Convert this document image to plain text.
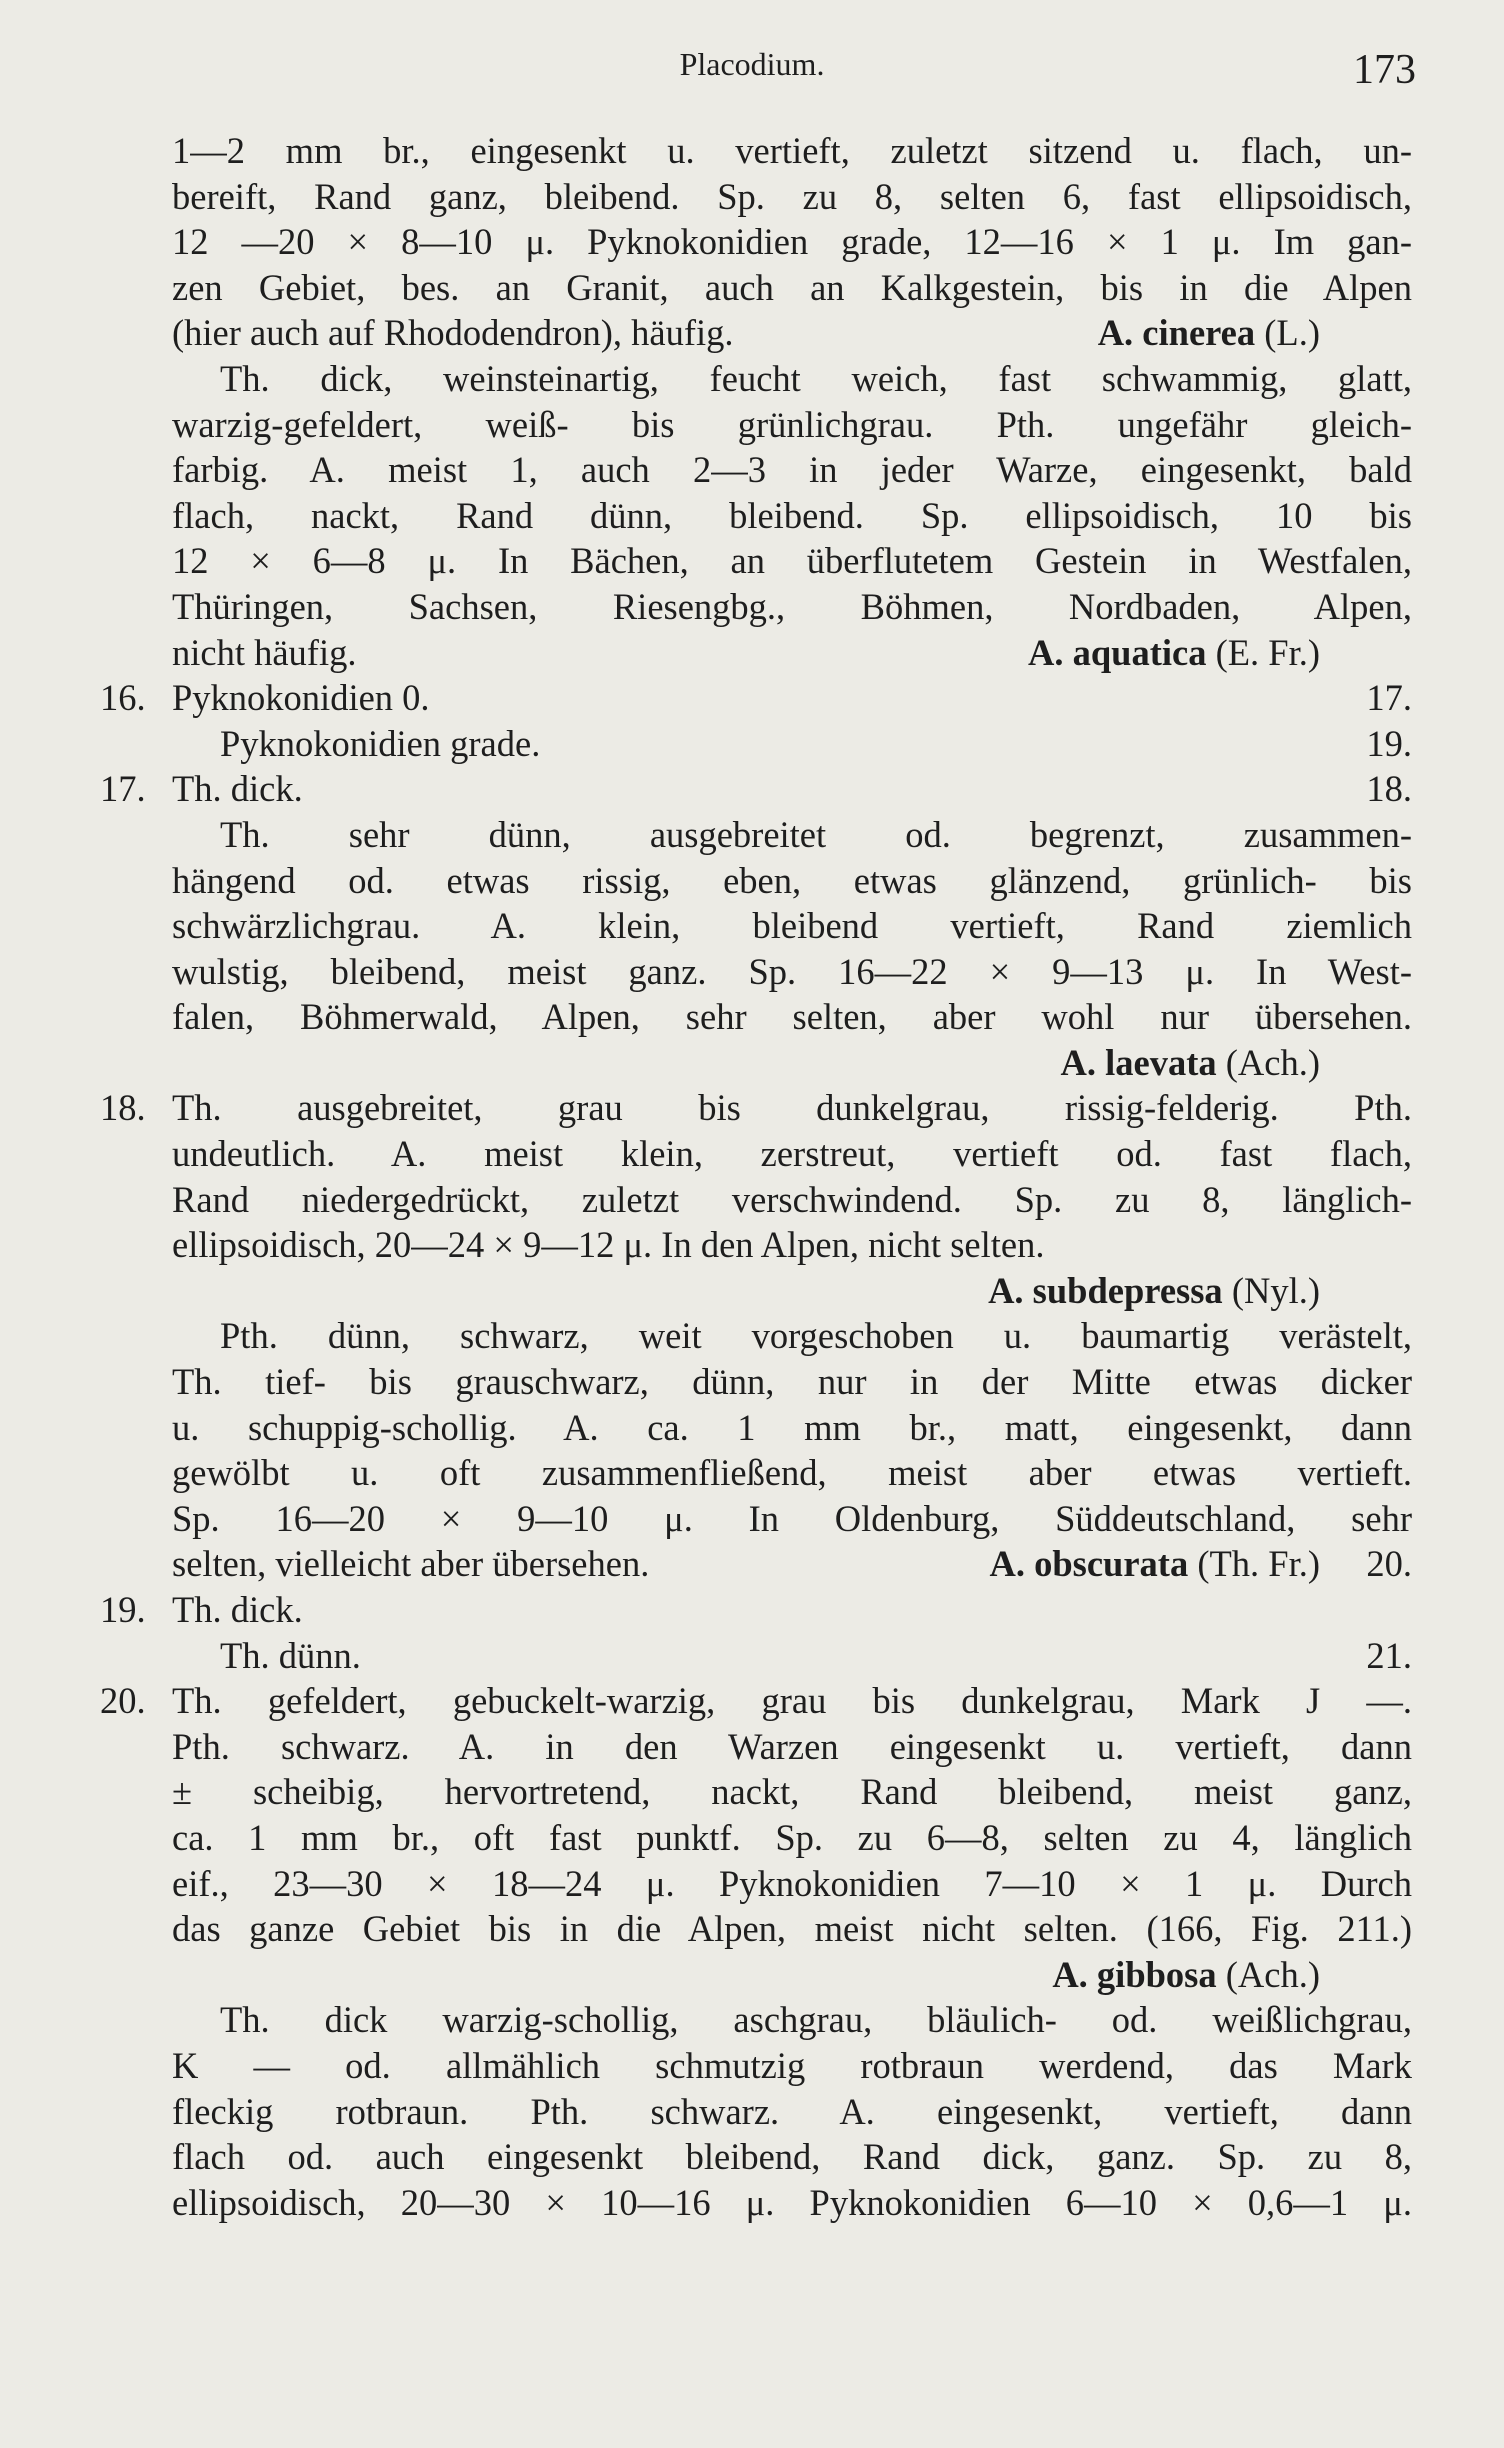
Placodium.	173
1—2 mm br., eingesenkt u. vertieft, zuletzt sitzend u. flach, un-
bereift, Rand ganz, bleibend. Sp. zu 8, selten 6, fast ellipsoidisch,
12 —20 × 8—10 μ. Pyknokonidien grade, 12—16 × 1 μ. Im gan-
zen Gebiet, bes. an Granit, auch an Kalkgestein, bis in die Alpen
(hier auch auf Rhododendron), häufig.	A. cinerea (L.)
Th. dick, weinsteinartig, feucht weich, fast schwammig, glatt,
warzig-gefeldert, weiß- bis grünlichgrau. Pth. ungefähr gleich-
farbig. A. meist 1, auch 2—3 in jeder Warze, eingesenkt, bald
flach, nackt, Rand dünn, bleibend. Sp. ellipsoidisch, 10 bis
12 × 6—8 μ. In Bächen, an überflutetem Gestein in Westfalen,
Thüringen, Sachsen, Riesengbg., Böhmen, Nordbaden, Alpen,
nicht häufig.	A. aquatica (E. Fr.)
16. Pyknokonidien 0.	17.
Pyknokonidien grade.	19.
17. Th. dick.	18.
Th. sehr dünn, ausgebreitet od. begrenzt, zusammen-
hängend od. etwas rissig, eben, etwas glänzend, grünlich- bis
schwärzlichgrau. A. klein, bleibend vertieft, Rand ziemlich
wulstig, bleibend, meist ganz. Sp. 16—22 × 9—13 μ. In West-
falen, Böhmerwald, Alpen, sehr selten, aber wohl nur übersehen.
A. laevata (Ach.)
18. Th. ausgebreitet, grau bis dunkelgrau, rissig-felderig. Pth.
undeutlich. A. meist klein, zerstreut, vertieft od. fast flach,
Rand niedergedrückt, zuletzt verschwindend. Sp. zu 8, länglich-
ellipsoidisch, 20—24 × 9—12 μ. In den Alpen, nicht selten.
A. subdepressa (Nyl.)
Pth. dünn, schwarz, weit vorgeschoben u. baumartig verästelt,
Th. tief- bis grauschwarz, dünn, nur in der Mitte etwas dicker
u. schuppig-schollig. A. ca. 1 mm br., matt, eingesenkt, dann
gewölbt u. oft zusammenfließend, meist aber etwas vertieft.
Sp. 16—20 × 9—10 μ. In Oldenburg, Süddeutschland, sehr
selten, vielleicht aber übersehen.	A. obscurata (Th. Fr.) 20.
19. Th. dick.
Th. dünn.	21.
20. Th. gefeldert, gebuckelt-warzig, grau bis dunkelgrau, Mark J —.
Pth. schwarz. A. in den Warzen eingesenkt u. vertieft, dann
± scheibig, hervortretend, nackt, Rand bleibend, meist ganz,
ca. 1 mm br., oft fast punktf. Sp. zu 6—8, selten zu 4, länglich
eif., 23—30 × 18—24 μ. Pyknokonidien 7—10 × 1 μ. Durch
das ganze Gebiet bis in die Alpen, meist nicht selten. (166, Fig. 211.)
A. gibbosa (Ach.)
Th. dick warzig-schollig, aschgrau, bläulich- od. weißlichgrau,
K — od. allmählich schmutzig rotbraun werdend, das Mark
fleckig rotbraun. Pth. schwarz. A. eingesenkt, vertieft, dann
flach od. auch eingesenkt bleibend, Rand dick, ganz. Sp. zu 8,
ellipsoidisch, 20—30 × 10—16 μ. Pyknokonidien 6—10 × 0,6—1 μ.
